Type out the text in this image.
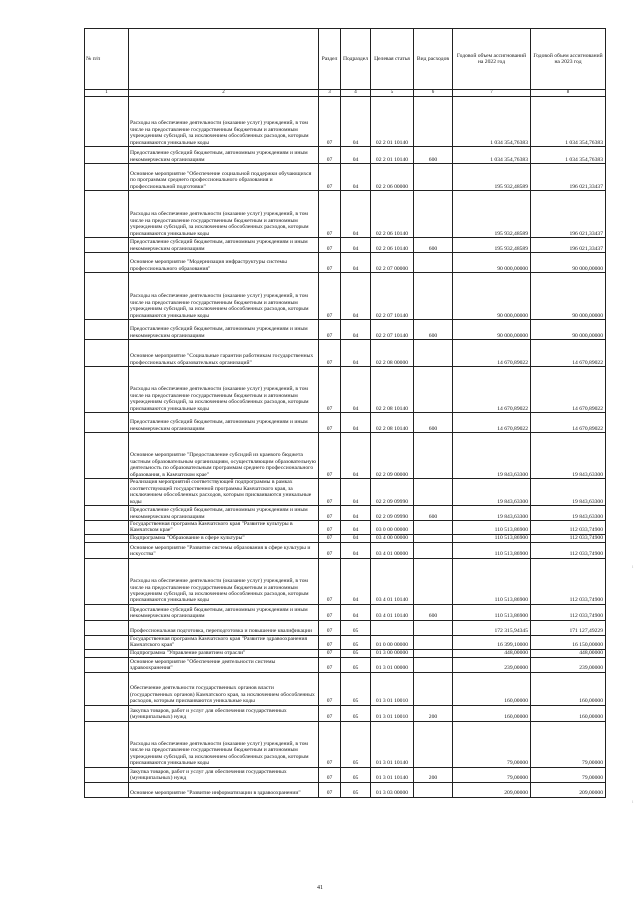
№ п/п		Раздел	Подраздел	Целевая статья	Вид расходов	Годовой объем ассигнований на 2022 год	Годовой объем ассигнований на 2023 год
1	2	3	4	5	6	7	8
	Расходы на обеспечение деятельности (оказание услуг) учреждений, в том числе на предоставление государственным бюджетным и автономным учреждениям субсидий, за исключением обособленных расходов, которым присваиваются уникальные коды	07	04	02 2 01 10140		1 034 354,76383	1 034 354,76383
	Предоставление субсидий бюджетным, автономным учреждениям и иным некоммерческим организациям	07	04	02 2 01 10140	600	1 034 354,76383	1 034 354,76383
	Основное мероприятие "Обеспечение социальной поддержки обучающихся по программам среднего профессионального образования и профессиональной подготовки"	07	04	02 2 06 00000		195 932,48589	196 021,33437
	Расходы на обеспечение деятельности (оказание услуг) учреждений, в том числе на предоставление государственным бюджетным и автономным учреждениям субсидий, за исключением обособленных расходов, которым присваиваются уникальные коды	07	04	02 2 06 10140		195 932,48589	196 021,33437
	Предоставление субсидий бюджетным, автономным учреждениям и иным некоммерческим организациям	07	04	02 2 06 10140	600	195 932,48589	196 021,33437
	Основное мероприятие "Модернизация инфраструктуры системы профессионального образования"	07	04	02 2 07 00000		90 000,00000	90 000,00000
	Расходы на обеспечение деятельности (оказание услуг) учреждений, в том числе на предоставление государственным бюджетным и автономным учреждениям субсидий, за исключением обособленных расходов, которым присваиваются уникальные коды	07	04	02 2 07 10140		90 000,00000	90 000,00000
	Предоставление субсидий бюджетным, автономным учреждениям и иным некоммерческим организациям	07	04	02 2 07 10140	600	90 000,00000	90 000,00000
	Основное мероприятие "Социальные гарантии работникам государственных профессиональных образовательных организаций"	07	04	02 2 08 00000		14 670,89022	14 670,89022
	Расходы на обеспечение деятельности (оказание услуг) учреждений, в том числе на предоставление государственным бюджетным и автономным учреждениям субсидий, за исключением обособленных расходов, которым присваиваются уникальные коды	07	04	02 2 08 10140		14 670,89022	14 670,89022
	Предоставление субсидий бюджетным, автономным учреждениям и иным некоммерческим организациям	07	04	02 2 08 10140	600	14 670,89022	14 670,89022
	Основное мероприятие "Предоставление субсидий из краевого бюджета частным образовательным организациям, осуществляющим образовательную деятельность по образовательным программам среднего профессионального образования, в Камчатском крае"	07	04	02 2 09 00000		19 843,63300	19 843,63300
	Реализация мероприятий соответствующей подпрограммы в рамках соответствующей государственной программы Камчатского края, за исключением обособленных расходов, которым присваиваются уникальные коды	07	04	02 2 09 09990		19 843,63300	19 843,63300
	Предоставление субсидий бюджетным, автономным учреждениям и иным некоммерческим организациям	07	04	02 2 09 09990	600	19 843,63300	19 843,63300
	Государственная программа Камчатского края "Развитие культуры в Камчатском крае"	07	04	03 0 00 00000		110 513,86900	112 033,74900
	Подпрограмма "Образование в сфере культуры"	07	04	03 4 00 00000		110 513,86900	112 033,74900
	Основное мероприятие "Развитие системы образования в сфере культуры и искусства"	07	04	03 4 01 00000		110 513,86900	112 033,74900
	Расходы на обеспечение деятельности (оказание услуг) учреждений, в том числе на предоставление государственным бюджетным и автономным учреждениям субсидий, за исключением обособленных расходов, которым присваиваются уникальные коды	07	04	03 4 01 10140		110 513,86900	112 033,74900
	Предоставление субсидий бюджетным, автономным учреждениям и иным некоммерческим организациям	07	04	03 4 01 10140	600	110 513,86900	112 033,74900
	Профессиональная подготовка, переподготовка и повышение квалификации	07	05			172 315,94345	171 127,49229
	Государственная программа Камчатского края "Развитие здравоохранения Камчатского края"	07	05	01 0 00 00000		16 399,10000	16 150,00000
	Подпрограмма "Управление развитием отрасли"	07	05	01 3 00 00000		448,00000	448,00000
	Основное мероприятие "Обеспечение деятельности системы здравоохранения"	07	05	01 3 01 00000		239,00000	239,00000
	Обеспечение деятельности государственных органов власти (государственных органов) Камчатского края, за исключением обособленных расходов, которым присваиваются уникальные коды	07	05	01 3 01 10010		160,00000	160,00000
	Закупка товаров, работ и услуг для обеспечения государственных (муниципальных) нужд	07	05	01 3 01 10010	200	160,00000	160,00000
	Расходы на обеспечение деятельности (оказание услуг) учреждений, в том числе на предоставление государственным бюджетным и автономным учреждениям субсидий, за исключением обособленных расходов, которым присваиваются уникальные коды	07	05	01 3 01 10140		79,00000	79,00000
	Закупка товаров, работ и услуг для обеспечения государственных (муниципальных) нужд	07	05	01 3 01 10140	200	79,00000	79,00000
	Основное мероприятие "Развитие информатизации в здравоохранении"	07	05	01 3 03 00000		209,00000	209,00000
41
ı
ı
